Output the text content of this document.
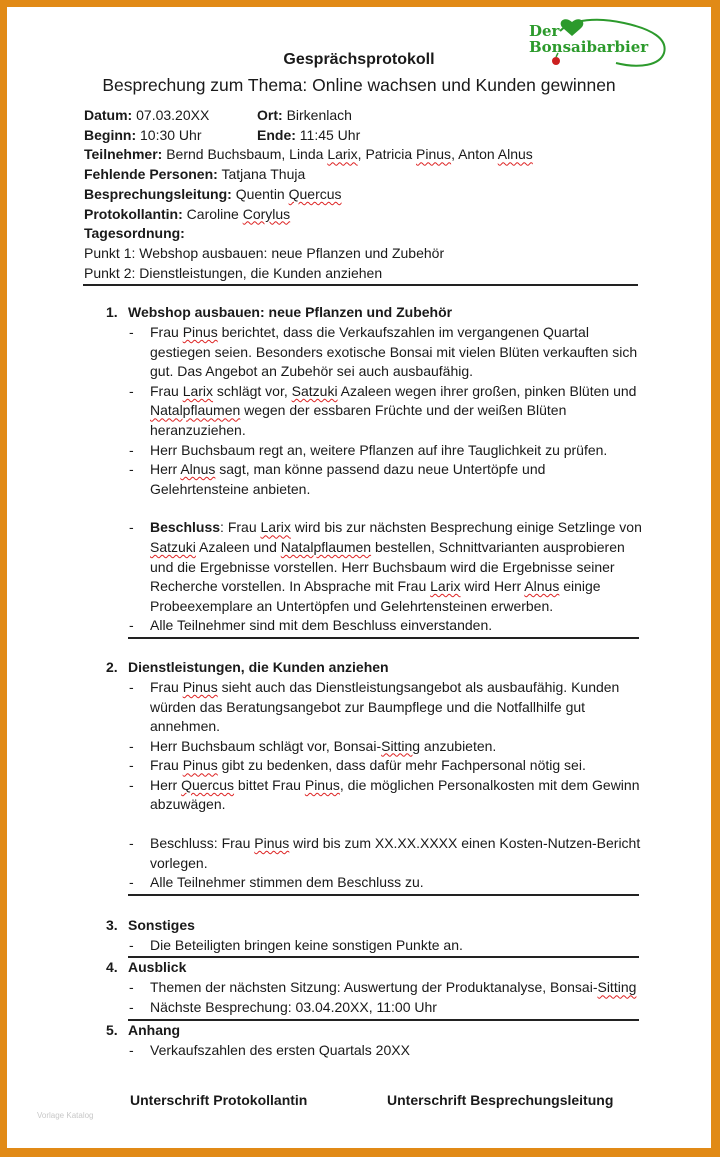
Der
Bonsaibarbier
Gesprächsprotokoll
Besprechung zum Thema: Online wachsen und Kunden gewinnen
Datum: 07.03.20XX	Ort: Birkenlach
Beginn: 10:30 Uhr	Ende: 11:45 Uhr
Teilnehmer: Bernd Buchsbaum, Linda Larix, Patricia Pinus, Anton Alnus
Fehlende Personen: Tatjana Thuja
Besprechungsleitung: Quentin Quercus
Protokollantin: Caroline Corylus
Tagesordnung:
Punkt 1: Webshop ausbauen: neue Pflanzen und Zubehör
Punkt 2: Dienstleistungen, die Kunden anziehen
1. Webshop ausbauen: neue Pflanzen und Zubehör
- Frau Pinus berichtet, dass die Verkaufszahlen im vergangenen Quartal gestiegen seien. Besonders exotische Bonsai mit vielen Blüten verkauften sich gut. Das Angebot an Zubehör sei auch ausbaufähig.
- Frau Larix schlägt vor, Satzuki Azaleen wegen ihrer großen, pinken Blüten und Natalpflaumen wegen der essbaren Früchte und der weißen Blüten heranzuziehen.
- Herr Buchsbaum regt an, weitere Pflanzen auf ihre Tauglichkeit zu prüfen.
- Herr Alnus sagt, man könne passend dazu neue Untertöpfe und Gelehrtensteine anbieten.
- Beschluss: Frau Larix wird bis zur nächsten Besprechung einige Setzlinge von Satzuki Azaleen und Natalpflaumen bestellen, Schnittvarianten ausprobieren und die Ergebnisse vorstellen. Herr Buchsbaum wird die Ergebnisse seiner Recherche vorstellen. In Absprache mit Frau Larix wird Herr Alnus einige Probeexemplare an Untertöpfen und Gelehrtensteinen erwerben.
- Alle Teilnehmer sind mit dem Beschluss einverstanden.
2. Dienstleistungen, die Kunden anziehen
- Frau Pinus sieht auch das Dienstleistungsangebot als ausbaufähig. Kunden würden das Beratungsangebot zur Baumpflege und die Notfallhilfe gut annehmen.
- Herr Buchsbaum schlägt vor, Bonsai-Sitting anzubieten.
- Frau Pinus gibt zu bedenken, dass dafür mehr Fachpersonal nötig sei.
- Herr Quercus bittet Frau Pinus, die möglichen Personalkosten mit dem Gewinn abzuwägen.
- Beschluss: Frau Pinus wird bis zum XX.XX.XXXX einen Kosten-Nutzen-Bericht vorlegen.
- Alle Teilnehmer stimmen dem Beschluss zu.
3. Sonstiges
- Die Beteiligten bringen keine sonstigen Punkte an.
4. Ausblick
- Themen der nächsten Sitzung: Auswertung der Produktanalyse, Bonsai-Sitting
- Nächste Besprechung: 03.04.20XX, 11:00 Uhr
5. Anhang
- Verkaufszahlen des ersten Quartals 20XX
Unterschrift Protokollantin	Unterschrift Besprechungsleitung
Vorlage Katalog
